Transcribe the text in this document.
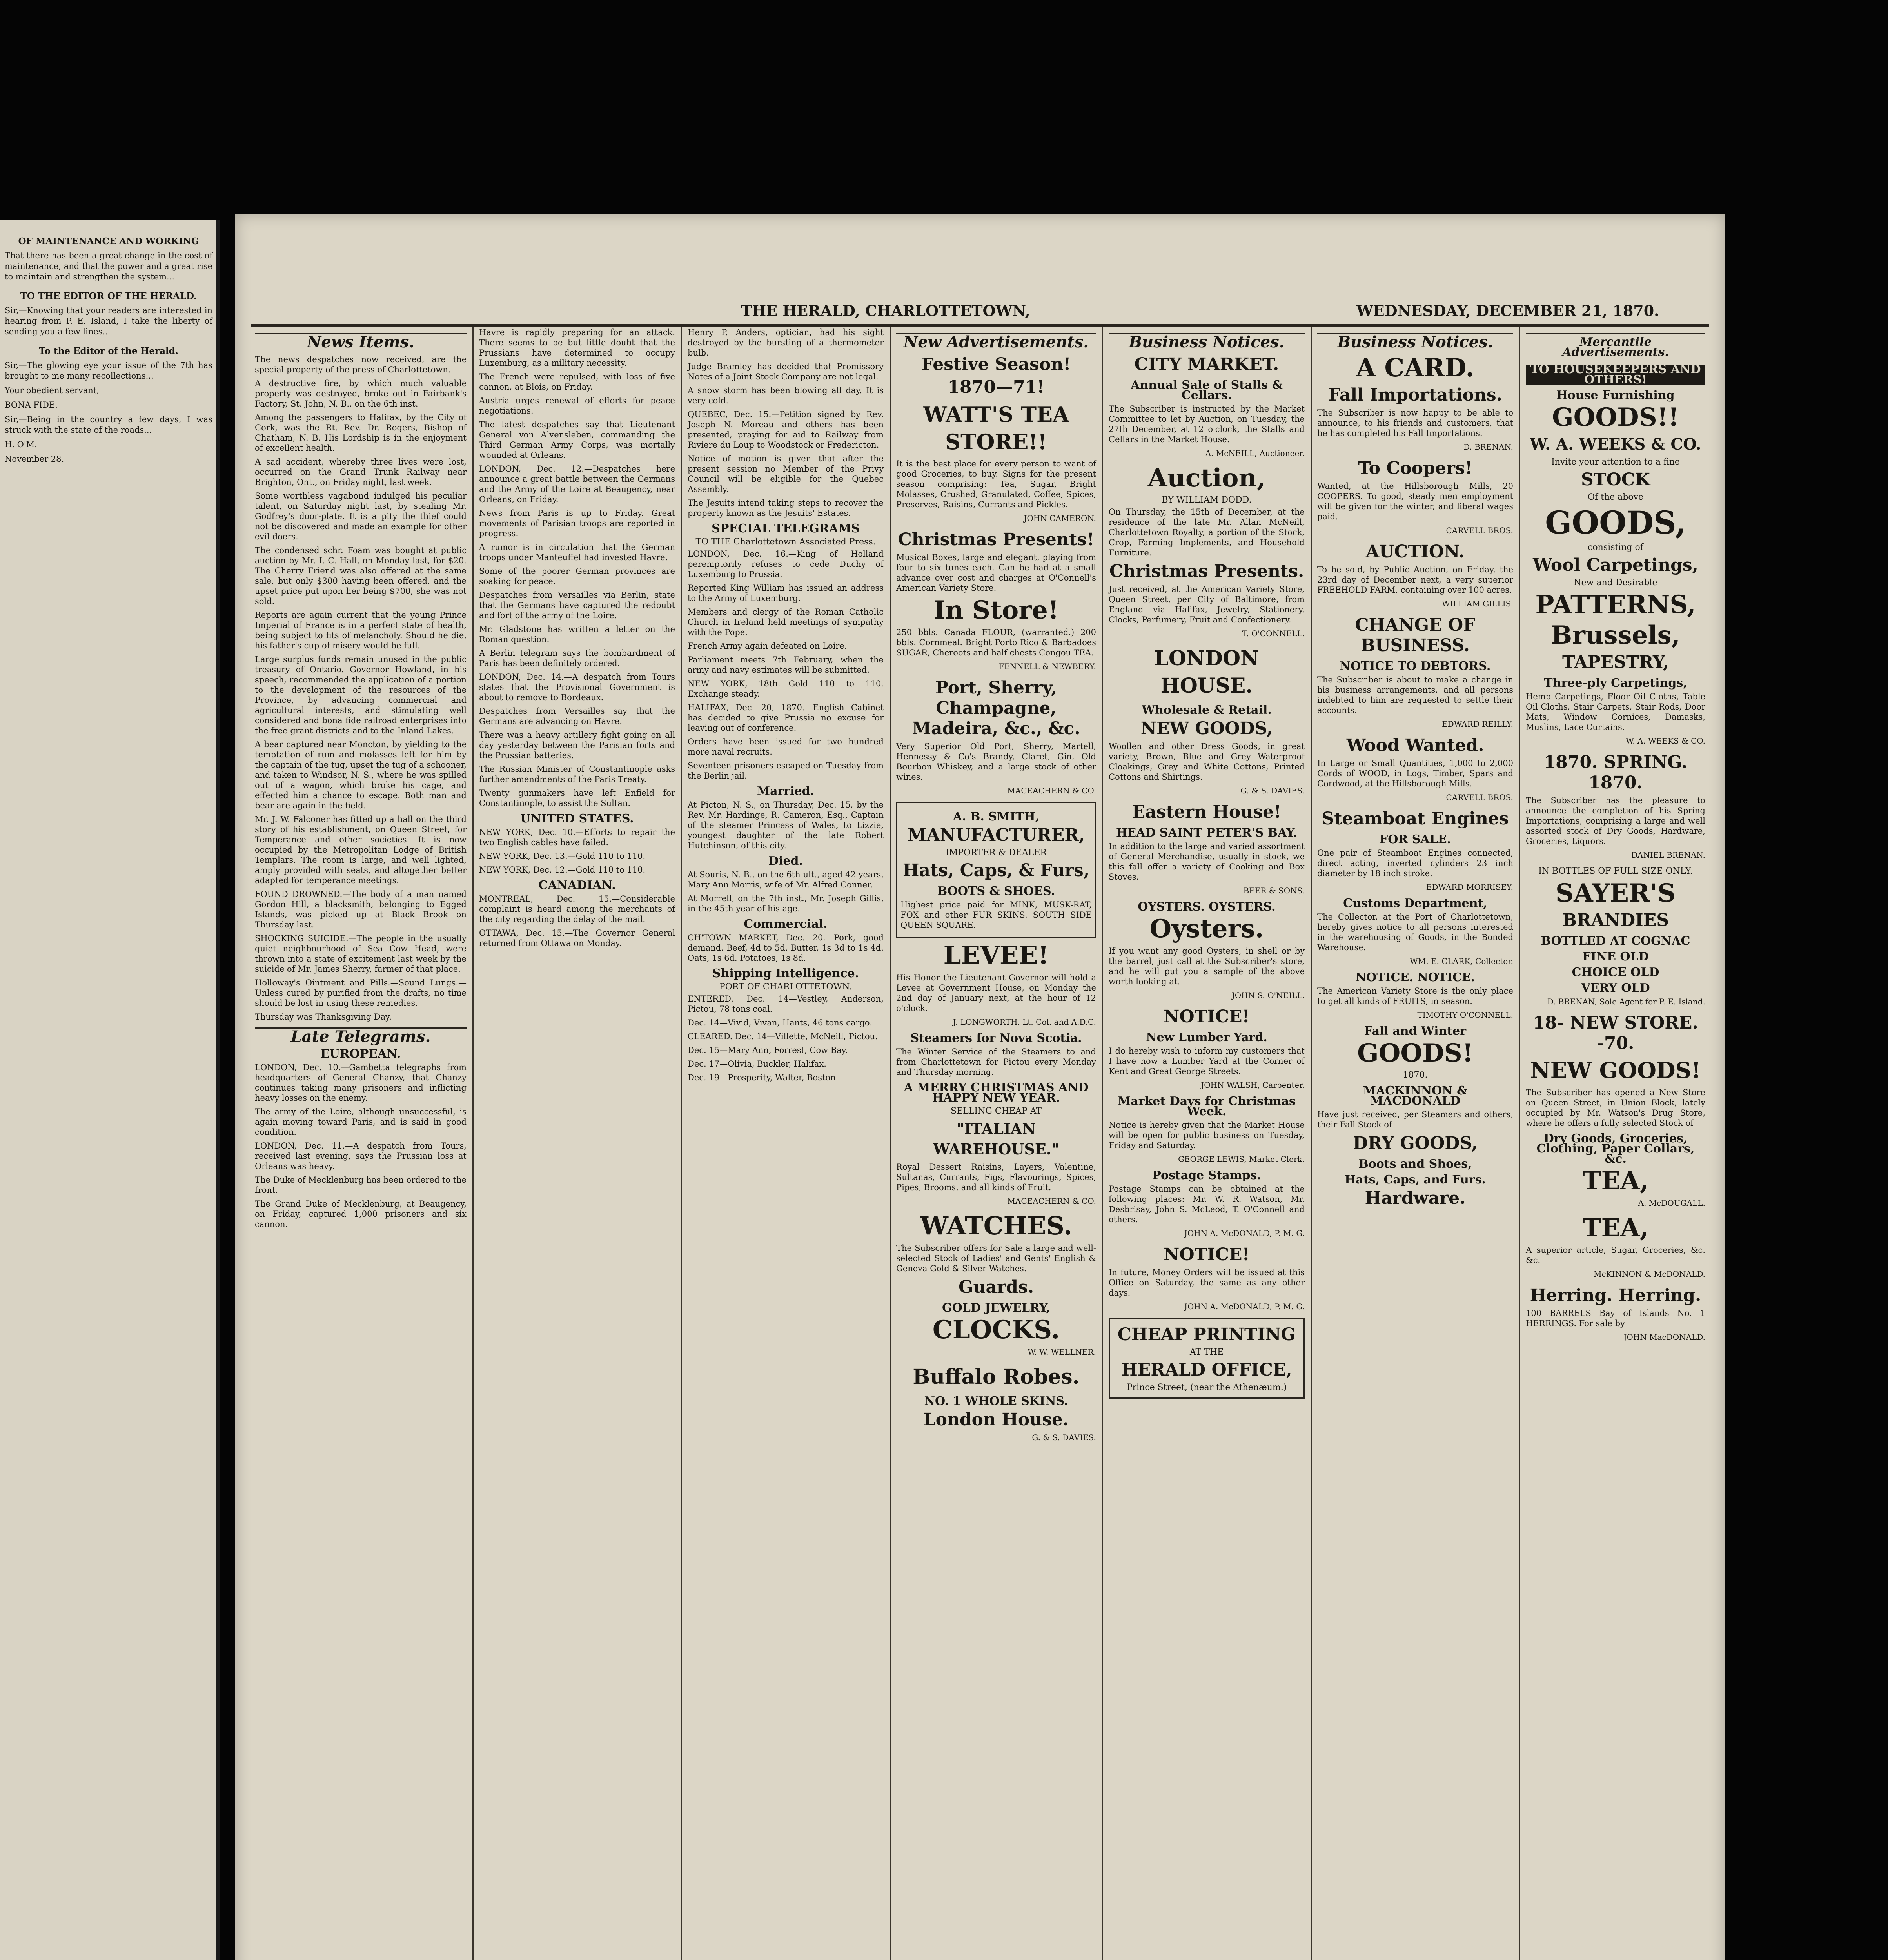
OF MAINTENANCE AND WORKING

That there has been a great change in the cost of maintenance, and that the power and a great rise to maintain and strengthen the system...

TO THE EDITOR OF THE HERALD.

Sir,—Knowing that your readers are interested in hearing from P. E. Island, I take the liberty of sending you a few lines...

To the Editor of the Herald.

Sir,—The glowing eye your issue of the 7th has brought to me many recollections...

Your obedient servant,

BONA FIDE.

Sir,—Being in the country a few days, I was struck with the state of the roads...

H. O'M.

November 28.

THE HERALD, CHARLOTTETOWN,	WEDNESDAY, DECEMBER 21, 1870.
News Items.

The news despatches now received, are the special property of the press of Charlottetown.

A destructive fire, by which much valuable property was destroyed, broke out in Fairbank's Factory, St. John, N. B., on the 6th inst.

Among the passengers to Halifax, by the City of Cork, was the Rt. Rev. Dr. Rogers, Bishop of Chatham, N. B. His Lordship is in the enjoyment of excellent health.

A sad accident, whereby three lives were lost, occurred on the Grand Trunk Railway near Brighton, Ont., on Friday night, last week.

Some worthless vagabond indulged his peculiar talent, on Saturday night last, by stealing Mr. Godfrey's door-plate. It is a pity the thief could not be discovered and made an example for other evil-doers.

The condensed schr. Foam was bought at public auction by Mr. I. C. Hall, on Monday last, for $20. The Cherry Friend was also offered at the same sale, but only $300 having been offered, and the upset price put upon her being $700, she was not sold.

Reports are again current that the young Prince Imperial of France is in a perfect state of health, being subject to fits of melancholy. Should he die, his father's cup of misery would be full.

Large surplus funds remain unused in the public treasury of Ontario. Governor Howland, in his speech, recommended the application of a portion to the development of the resources of the Province, by advancing commercial and agricultural interests, and stimulating well considered and bona fide railroad enterprises into the free grant districts and to the Inland Lakes.

A bear captured near Moncton, by yielding to the temptation of rum and molasses left for him by the captain of the tug, upset the tug of a schooner, and taken to Windsor, N. S., where he was spilled out of a wagon, which broke his cage, and effected him a chance to escape. Both man and bear are again in the field.

Mr. J. W. Falconer has fitted up a hall on the third story of his establishment, on Queen Street, for Temperance and other societies. It is now occupied by the Metropolitan Lodge of British Templars. The room is large, and well lighted, amply provided with seats, and altogether better adapted for temperance meetings.

FOUND DROWNED.—The body of a man named Gordon Hill, a blacksmith, belonging to Egged Islands, was picked up at Black Brook on Thursday last.

SHOCKING SUICIDE.—The people in the usually quiet neighbourhood of Sea Cow Head, were thrown into a state of excitement last week by the suicide of Mr. James Sherry, farmer of that place.

Holloway's Ointment and Pills.—Sound Lungs.—Unless cured by purified from the drafts, no time should be lost in using these remedies.

Thursday was Thanksgiving Day.

Late Telegrams.
EUROPEAN.

LONDON, Dec. 10.—Gambetta telegraphs from headquarters of General Chanzy, that Chanzy continues taking many prisoners and inflicting heavy losses on the enemy.

The army of the Loire, although unsuccessful, is again moving toward Paris, and is said in good condition.

LONDON, Dec. 11.—A despatch from Tours, received last evening, says the Prussian loss at Orleans was heavy.

The Duke of Mecklenburg has been ordered to the front.

The Grand Duke of Mecklenburg, at Beaugency, on Friday, captured 1,000 prisoners and six cannon.

Havre is rapidly preparing for an attack. There seems to be but little doubt that the Prussians have determined to occupy Luxemburg, as a military necessity.

The French were repulsed, with loss of five cannon, at Blois, on Friday.

Austria urges renewal of efforts for peace negotiations.

The latest despatches say that Lieutenant General von Alvensleben, commanding the Third German Army Corps, was mortally wounded at Orleans.

LONDON, Dec. 12.—Despatches here announce a great battle between the Germans and the Army of the Loire at Beaugency, near Orleans, on Friday.

News from Paris is up to Friday. Great movements of Parisian troops are reported in progress.

A rumor is in circulation that the German troops under Manteuffel had invested Havre.

Some of the poorer German provinces are soaking for peace.

Despatches from Versailles via Berlin, state that the Germans have captured the redoubt and fort of the army of the Loire.

Mr. Gladstone has written a letter on the Roman question.

A Berlin telegram says the bombardment of Paris has been definitely ordered.

LONDON, Dec. 14.—A despatch from Tours states that the Provisional Government is about to remove to Bordeaux.

Despatches from Versailles say that the Germans are advancing on Havre.

There was a heavy artillery fight going on all day yesterday between the Parisian forts and the Prussian batteries.

The Russian Minister of Constantinople asks further amendments of the Paris Treaty.

Twenty gunmakers have left Enfield for Constantinople, to assist the Sultan.

UNITED STATES.

NEW YORK, Dec. 10.—Efforts to repair the two English cables have failed.

NEW YORK, Dec. 13.—Gold 110 to 110.

NEW YORK, Dec. 12.—Gold 110 to 110.

CANADIAN.

MONTREAL, Dec. 15.—Considerable complaint is heard among the merchants of the city regarding the delay of the mail.

OTTAWA, Dec. 15.—The Governor General returned from Ottawa on Monday.

Henry P. Anders, optician, had his sight destroyed by the bursting of a thermometer bulb.

Judge Bramley has decided that Promissory Notes of a Joint Stock Company are not legal.

A snow storm has been blowing all day. It is very cold.

QUEBEC, Dec. 15.—Petition signed by Rev. Joseph N. Moreau and others has been presented, praying for aid to Railway from Riviere du Loup to Woodstock or Fredericton.

Notice of motion is given that after the present session no Member of the Privy Council will be eligible for the Quebec Assembly.

The Jesuits intend taking steps to recover the property known as the Jesuits' Estates.

SPECIAL TELEGRAMS
TO THE Charlottetown Associated Press.

LONDON, Dec. 16.—King of Holland peremptorily refuses to cede Duchy of Luxemburg to Prussia.

Reported King William has issued an address to the Army of Luxemburg.

Members and clergy of the Roman Catholic Church in Ireland held meetings of sympathy with the Pope.

French Army again defeated on Loire.

Parliament meets 7th February, when the army and navy estimates will be submitted.

NEW YORK, 18th.—Gold 110 to 110. Exchange steady.

HALIFAX, Dec. 20, 1870.—English Cabinet has decided to give Prussia no excuse for leaving out of conference.

Orders have been issued for two hundred more naval recruits.

Seventeen prisoners escaped on Tuesday from the Berlin jail.

Married.

At Picton, N. S., on Thursday, Dec. 15, by the Rev. Mr. Hardinge, R. Cameron, Esq., Captain of the steamer Princess of Wales, to Lizzie, youngest daughter of the late Robert Hutchinson, of this city.

Died.

At Souris, N. B., on the 6th ult., aged 42 years, Mary Ann Morris, wife of Mr. Alfred Conner.

At Morrell, on the 7th inst., Mr. Joseph Gillis, in the 45th year of his age.

Commercial.

CH'TOWN MARKET, Dec. 20.—Pork, good demand. Beef, 4d to 5d. Butter, 1s 3d to 1s 4d. Oats, 1s 6d. Potatoes, 1s 8d.

Shipping Intelligence.
PORT OF CHARLOTTETOWN.

ENTERED. Dec. 14—Vestley, Anderson, Pictou, 78 tons coal.

Dec. 14—Vivid, Vivan, Hants, 46 tons cargo.

CLEARED. Dec. 14—Villette, McNeill, Pictou.

Dec. 15—Mary Ann, Forrest, Cow Bay.

Dec. 17—Olivia, Buckler, Halifax.

Dec. 19—Prosperity, Walter, Boston.

New Advertisements.
Festive Season!
1870—71!
WATT'S TEA STORE!!

It is the best place for every person to want of good Groceries, to buy. Signs for the present season comprising: Tea, Sugar, Bright Molasses, Crushed, Granulated, Coffee, Spices, Preserves, Raisins, Currants and Pickles.

JOHN CAMERON.
Christmas Presents!

Musical Boxes, large and elegant, playing from four to six tunes each. Can be had at a small advance over cost and charges at O'Connell's American Variety Store.

In Store!

250 bbls. Canada FLOUR, (warranted.) 200 bbls. Cornmeal. Bright Porto Rico & Barbadoes SUGAR, Cheroots and half chests Congou TEA.

FENNELL & NEWBERY.
Port, Sherry, Champagne, Madeira, &c., &c.

Very Superior Old Port, Sherry, Martell, Hennessy & Co's Brandy, Claret, Gin, Old Bourbon Whiskey, and a large stock of other wines.

MACEACHERN & CO.
A. B. SMITH,
MANUFACTURER,
IMPORTER & DEALER
Hats, Caps, & Furs,
BOOTS & SHOES.

Highest price paid for MINK, MUSK-RAT, FOX and other FUR SKINS. SOUTH SIDE QUEEN SQUARE.

LEVEE!

His Honor the Lieutenant Governor will hold a Levee at Government House, on Monday the 2nd day of January next, at the hour of 12 o'clock.

J. LONGWORTH, Lt. Col. and A.D.C.
Steamers for Nova Scotia.

The Winter Service of the Steamers to and from Charlottetown for Pictou every Monday and Thursday morning.

A MERRY CHRISTMAS AND HAPPY NEW YEAR.
SELLING CHEAP AT
"ITALIAN WAREHOUSE."

Royal Dessert Raisins, Layers, Valentine, Sultanas, Currants, Figs, Flavourings, Spices, Pipes, Brooms, and all kinds of Fruit.

MACEACHERN & CO.
WATCHES.

The Subscriber offers for Sale a large and well-selected Stock of Ladies' and Gents' English & Geneva Gold & Silver Watches.

Guards.
GOLD JEWELRY,
CLOCKS.
W. W. WELLNER.
Buffalo Robes.
NO. 1 WHOLE SKINS.
London House.
G. & S. DAVIES.
Business Notices.
CITY MARKET.
Annual Sale of Stalls & Cellars.

The Subscriber is instructed by the Market Committee to let by Auction, on Tuesday, the 27th December, at 12 o'clock, the Stalls and Cellars in the Market House.

A. McNEILL, Auctioneer.
Auction,
BY WILLIAM DODD.

On Thursday, the 15th of December, at the residence of the late Mr. Allan McNeill, Charlottetown Royalty, a portion of the Stock, Crop, Farming Implements, and Household Furniture.

Christmas Presents.

Just received, at the American Variety Store, Queen Street, per City of Baltimore, from England via Halifax, Jewelry, Stationery, Clocks, Perfumery, Fruit and Confectionery.

T. O'CONNELL.
LONDON HOUSE.
Wholesale & Retail.
NEW GOODS,

Woollen and other Dress Goods, in great variety, Brown, Blue and Grey Waterproof Cloakings, Grey and White Cottons, Printed Cottons and Shirtings.

G. & S. DAVIES.
Eastern House!
HEAD SAINT PETER'S BAY.

In addition to the large and varied assortment of General Merchandise, usually in stock, we this fall offer a variety of Cooking and Box Stoves.

BEER & SONS.
OYSTERS. OYSTERS.
Oysters.

If you want any good Oysters, in shell or by the barrel, just call at the Subscriber's store, and he will put you a sample of the above worth looking at.

JOHN S. O'NEILL.
NOTICE!
New Lumber Yard.

I do hereby wish to inform my customers that I have now a Lumber Yard at the Corner of Kent and Great George Streets.

JOHN WALSH, Carpenter.
Market Days for Christmas Week.

Notice is hereby given that the Market House will be open for public business on Tuesday, Friday and Saturday.

GEORGE LEWIS, Market Clerk.
Postage Stamps.

Postage Stamps can be obtained at the following places: Mr. W. R. Watson, Mr. Desbrisay, John S. McLeod, T. O'Connell and others.

JOHN A. McDONALD, P. M. G.
NOTICE!

In future, Money Orders will be issued at this Office on Saturday, the same as any other days.

JOHN A. McDONALD, P. M. G.
CHEAP PRINTING
AT THE
HERALD OFFICE,
Prince Street, (near the Athenæum.)
Business Notices.
A CARD.
Fall Importations.

The Subscriber is now happy to be able to announce, to his friends and customers, that he has completed his Fall Importations.

D. BRENAN.
To Coopers!

Wanted, at the Hillsborough Mills, 20 COOPERS. To good, steady men employment will be given for the winter, and liberal wages paid.

CARVELL BROS.
AUCTION.

To be sold, by Public Auction, on Friday, the 23rd day of December next, a very superior FREEHOLD FARM, containing over 100 acres.

WILLIAM GILLIS.
CHANGE OF BUSINESS.
NOTICE TO DEBTORS.

The Subscriber is about to make a change in his business arrangements, and all persons indebted to him are requested to settle their accounts.

EDWARD REILLY.
Wood Wanted.

In Large or Small Quantities, 1,000 to 2,000 Cords of WOOD, in Logs, Timber, Spars and Cordwood, at the Hillsborough Mills.

CARVELL BROS.
Steamboat Engines
FOR SALE.

One pair of Steamboat Engines connected, direct acting, inverted cylinders 23 inch diameter by 18 inch stroke.

EDWARD MORRISEY.
Customs Department,

The Collector, at the Port of Charlottetown, hereby gives notice to all persons interested in the warehousing of Goods, in the Bonded Warehouse.

WM. E. CLARK, Collector.
NOTICE. NOTICE.

The American Variety Store is the only place to get all kinds of FRUITS, in season.

TIMOTHY O'CONNELL.
Fall and Winter
GOODS!
1870.
MACKINNON & MACDONALD

Have just received, per Steamers and others, their Fall Stock of

DRY GOODS,
Boots and Shoes,
Hats, Caps, and Furs.
Hardware.
Mercantile Advertisements.
TO HOUSEKEEPERS AND OTHERS!
House Furnishing
GOODS!!
W. A. WEEKS & CO.
Invite your attention to a fine
STOCK
Of the above
GOODS,
consisting of
Wool Carpetings,
New and Desirable
PATTERNS,
Brussels,
TAPESTRY,
Three-ply Carpetings,

Hemp Carpetings, Floor Oil Cloths, Table Oil Cloths, Stair Carpets, Stair Rods, Door Mats, Window Cornices, Damasks, Muslins, Lace Curtains.

W. A. WEEKS & CO.
1870. SPRING. 1870.

The Subscriber has the pleasure to announce the completion of his Spring Importations, comprising a large and well assorted stock of Dry Goods, Hardware, Groceries, Liquors.

DANIEL BRENAN.
IN BOTTLES OF FULL SIZE ONLY.
SAYER'S
BRANDIES
BOTTLED AT COGNAC
FINE OLD
CHOICE OLD
VERY OLD
D. BRENAN, Sole Agent for P. E. Island.
18- NEW STORE. -70.
NEW GOODS!

The Subscriber has opened a New Store on Queen Street, in Union Block, lately occupied by Mr. Watson's Drug Store, where he offers a fully selected Stock of

Dry Goods, Groceries, Clothing, Paper Collars, &c.
TEA,
A. McDOUGALL.
TEA,

A superior article, Sugar, Groceries, &c. &c.

McKINNON & McDONALD.
Herring. Herring.

100 BARRELS Bay of Islands No. 1 HERRINGS. For sale by

JOHN MacDONALD.
